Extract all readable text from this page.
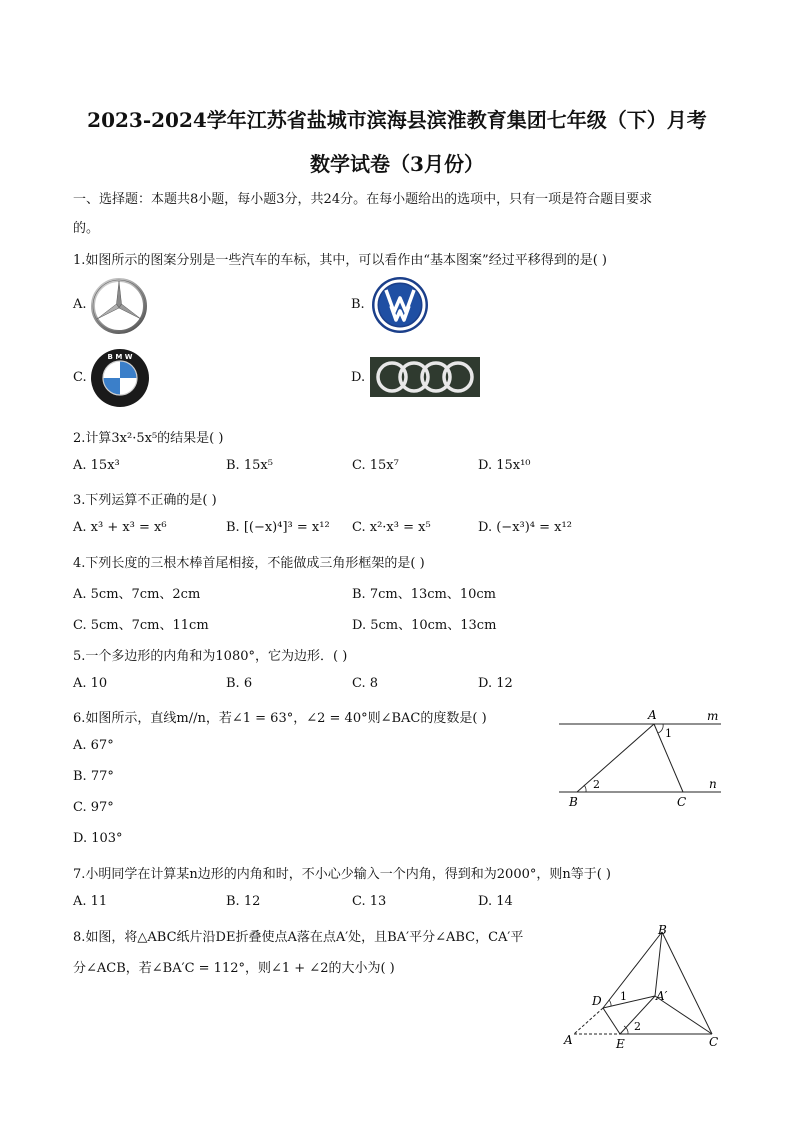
2023-2024学年江苏省盐城市滨海县滨淮教育集团七年级（下）月考
数学试卷（3月份）
一、选择题：本题共8小题，每小题3分，共24分。在每小题给出的选项中，只有一项是符合题目要求
的。
1.如图所示的图案分别是一些汽车的车标，其中，可以看作由“基本图案”经过平移得到的是( )
A.	B.
C.
B M W
D.
2.计算3x²·5x⁵的结果是( )
A. 15x³	B. 15x⁵	C. 15x⁷	D. 15x¹⁰
3.下列运算不正确的是( )
A. x³ + x³ = x⁶	B. [(−x)⁴]³ = x¹² C. x²·x³ = x⁵	D. (−x³)⁴ = x¹²
4.下列长度的三根木棒首尾相接，不能做成三角形框架的是( )
A. 5cm、7cm、2cm	B. 7cm、13cm、10cm
C. 5cm、7cm、11cm	D. 5cm、10cm、13cm
5.一个多边形的内角和为1080°，它为边形．( )
A. 10	B. 6	C. 8	D. 12
6.如图所示，直线m//n，若∠1 = 63°，∠2 = 40°则∠BAC的度数是( )
A. 67°
B. 77°
C. 97°
D. 103°
A	m
1
2	n
B	C
7.小明同学在计算某n边形的内角和时，不小心少输入一个内角，得到和为2000°，则n等于( )
A. 11	B. 12	C. 13	D. 14
8.如图，将△ABC纸片沿DE折叠使点A落在点A′处，且BA′平分∠ABC，CA′平
分∠ACB，若∠BA′C = 112°，则∠1 + ∠2的大小为( )
B
D 1 A′
2
A	E	C
